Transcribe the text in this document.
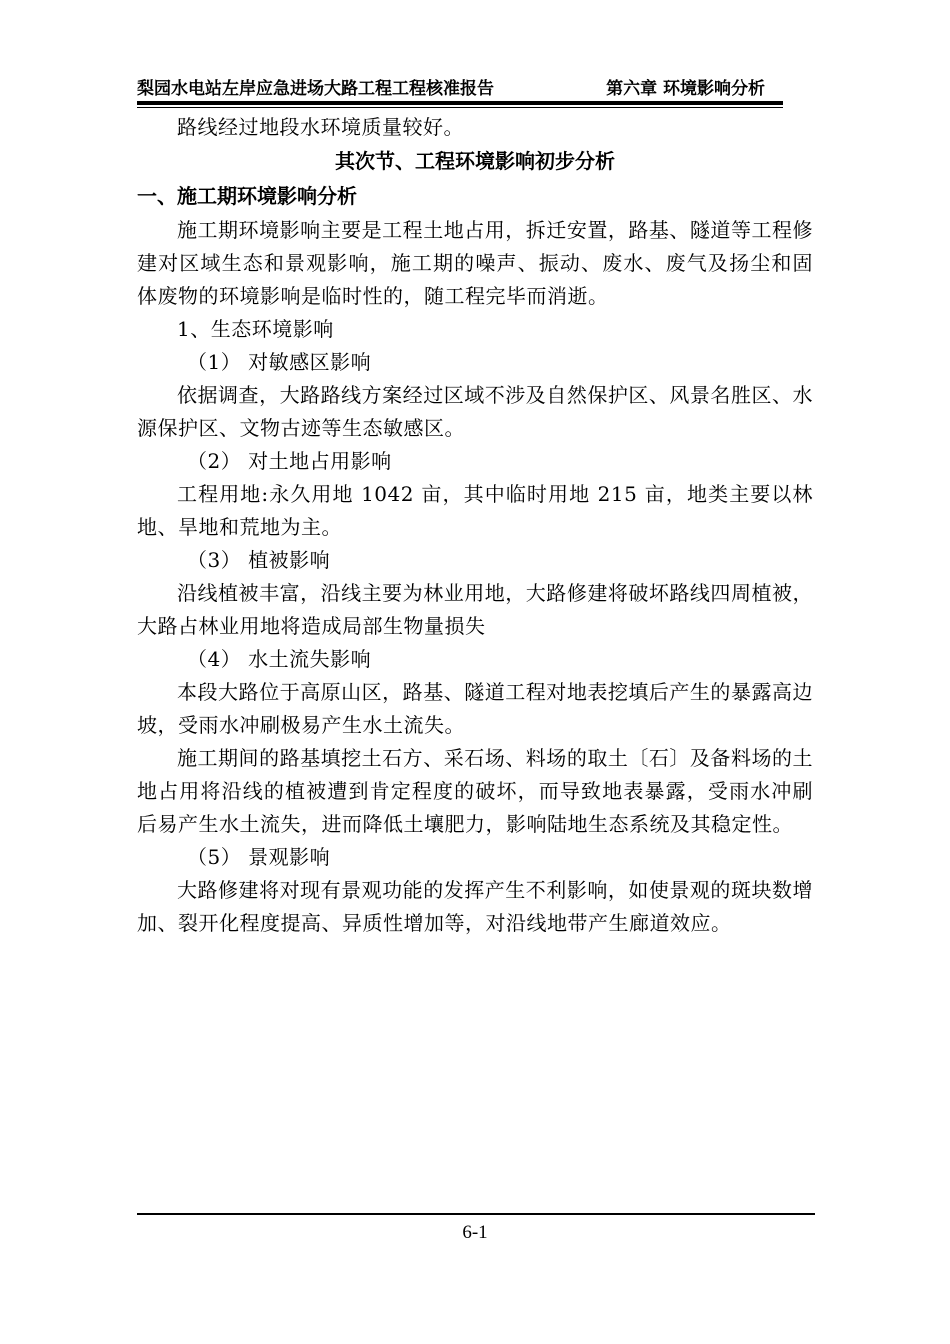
梨园水电站左岸应急进场大路工程工程核准报告	第六章 环境影响分析

路线经过地段水环境质量较好。

其次节、工程环境影响初步分析

一、施工期环境影响分析

施工期环境影响主要是工程土地占用，拆迁安置，路基、隧道等工程修建对区域生态和景观影响，施工期的噪声、振动、废水、废气及扬尘和固体废物的环境影响是临时性的，随工程完毕而消逝。

1、生态环境影响

（1） 对敏感区影响

依据调查，大路路线方案经过区域不涉及自然保护区、风景名胜区、水源保护区、文物古迹等生态敏感区。

（2） 对土地占用影响

工程用地:永久用地 1042 亩，其中临时用地 215 亩，地类主要以林地、旱地和荒地为主。

（3） 植被影响

沿线植被丰富，沿线主要为林业用地，大路修建将破坏路线四周植被，大路占林业用地将造成局部生物量损失

（4） 水土流失影响

本段大路位于高原山区，路基、隧道工程对地表挖填后产生的暴露高边坡，受雨水冲刷极易产生水土流失。

施工期间的路基填挖土石方、采石场、料场的取土〔石〕及备料场的土地占用将沿线的植被遭到肯定程度的破坏，而导致地表暴露，受雨水冲刷后易产生水土流失，进而降低土壤肥力，影响陆地生态系统及其稳定性。

（5） 景观影响

大路修建将对现有景观功能的发挥产生不利影响，如使景观的斑块数增加、裂开化程度提高、异质性增加等，对沿线地带产生廊道效应。

6-1
